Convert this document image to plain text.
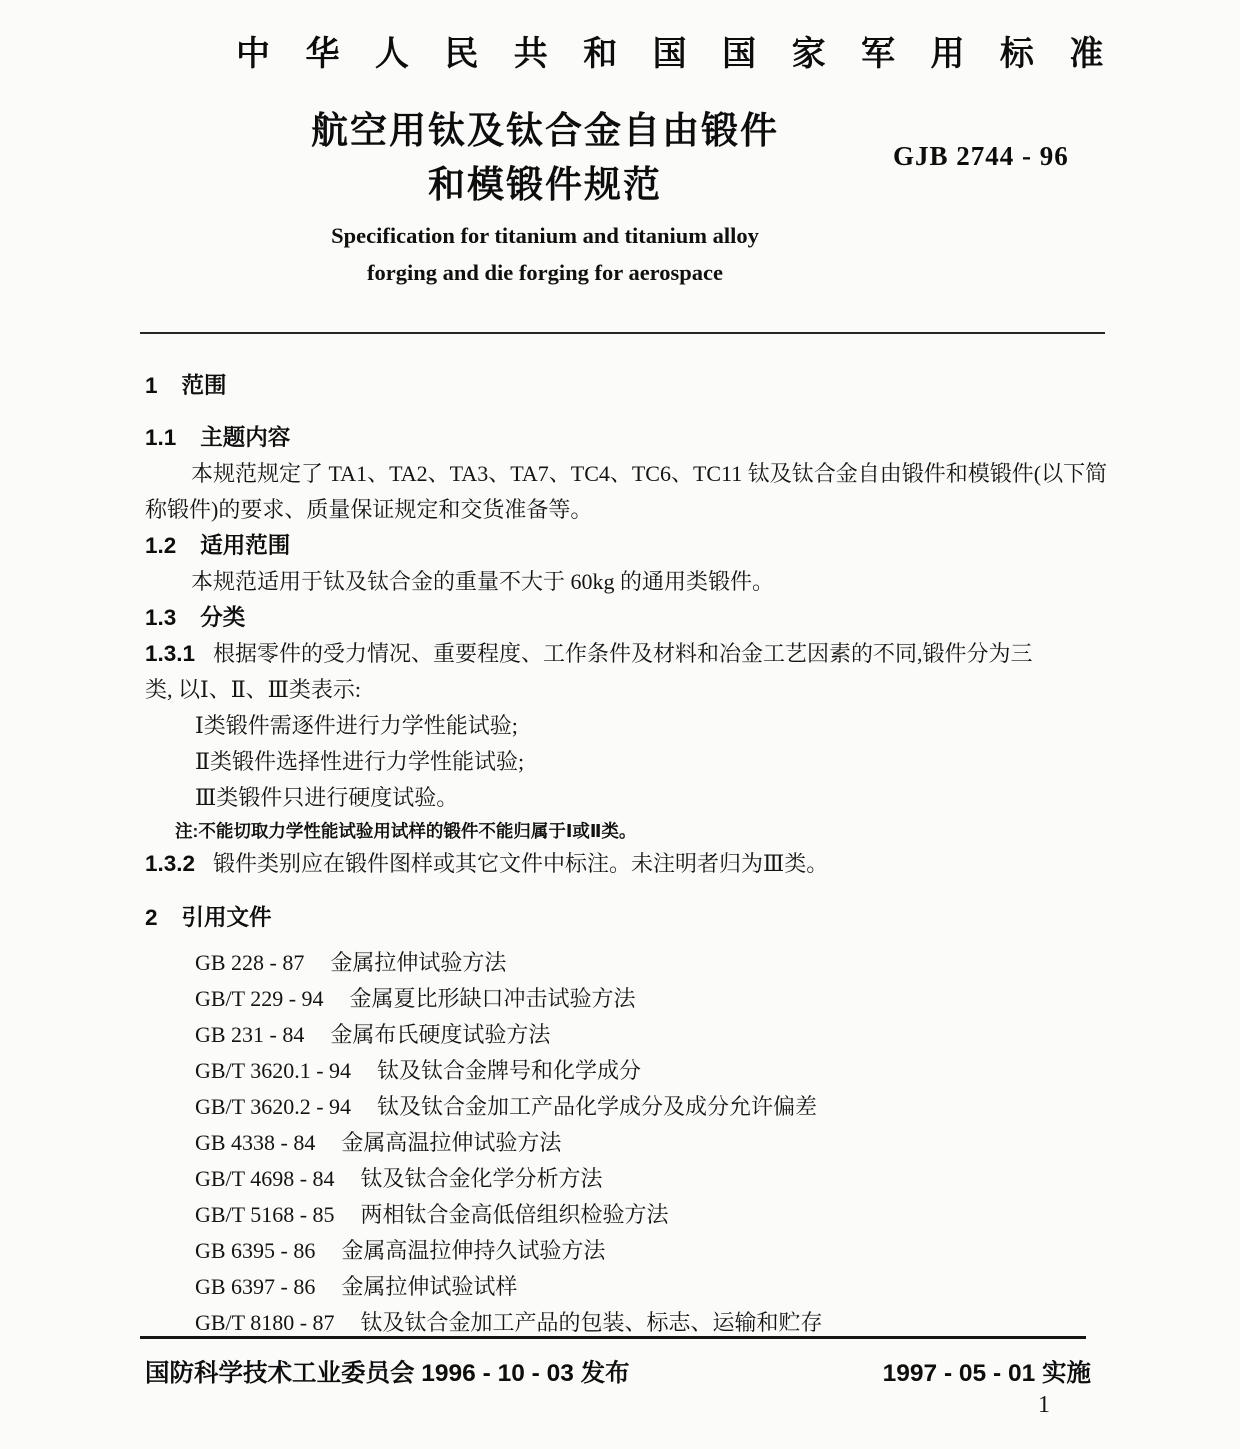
中 华 人 民 共 和 国 国 家 军 用 标 准
航空用钛及钛合金自由锻件
和模锻件规范
GJB 2744 - 96
Specification for titanium and titanium alloy
forging and die forging for aerospace
1 范围
1.1 主题内容
本规范规定了 TA1、TA2、TA3、TA7、TC4、TC6、TC11 钛及钛合金自由锻件和模锻件(以下简
称锻件)的要求、质量保证规定和交货准备等。
1.2 适用范围
本规范适用于钛及钛合金的重量不大于 60kg 的通用类锻件。
1.3 分类
1.3.1 根据零件的受力情况、重要程度、工作条件及材料和冶金工艺因素的不同,锻件分为三
类, 以Ⅰ、Ⅱ、Ⅲ类表示:
Ⅰ类锻件需逐件进行力学性能试验;
Ⅱ类锻件选择性进行力学性能试验;
Ⅲ类锻件只进行硬度试验。
注:不能切取力学性能试验用试样的锻件不能归属于Ⅰ或Ⅱ类。
1.3.2 锻件类别应在锻件图样或其它文件中标注。未注明者归为Ⅲ类。
2 引用文件
GB 228 - 87 金属拉伸试验方法
GB/T 229 - 94 金属夏比形缺口冲击试验方法
GB 231 - 84 金属布氏硬度试验方法
GB/T 3620.1 - 94 钛及钛合金牌号和化学成分
GB/T 3620.2 - 94 钛及钛合金加工产品化学成分及成分允许偏差
GB 4338 - 84 金属高温拉伸试验方法
GB/T 4698 - 84 钛及钛合金化学分析方法
GB/T 5168 - 85 两相钛合金高低倍组织检验方法
GB 6395 - 86 金属高温拉伸持久试验方法
GB 6397 - 86 金属拉伸试验试样
GB/T 8180 - 87 钛及钛合金加工产品的包装、标志、运输和贮存
国防科学技术工业委员会 1996 - 10 - 03 发布	1997 - 05 - 01 实施
1
